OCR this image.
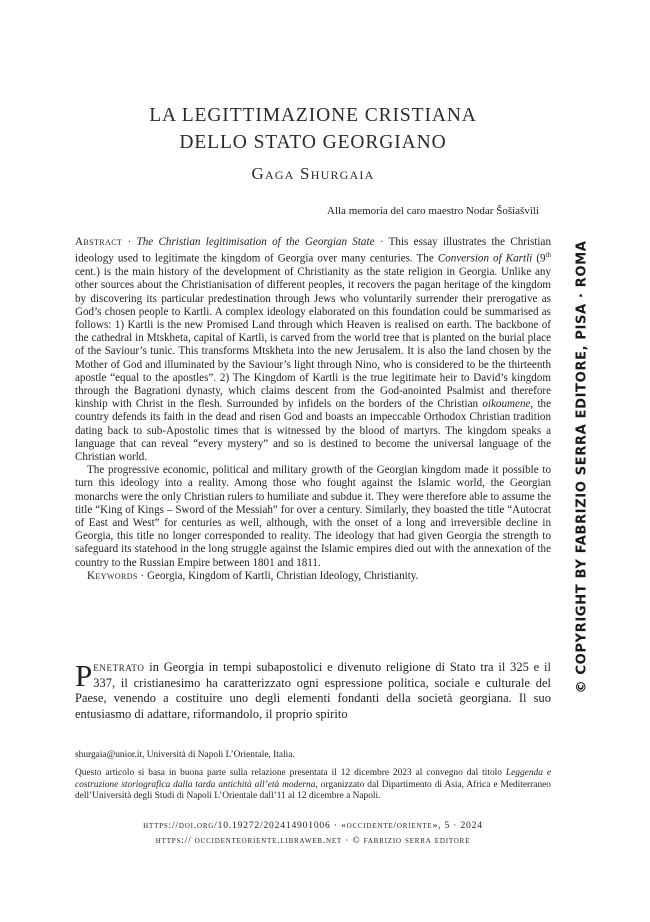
LA LEGITTIMAZIONE CRISTIANA
DELLO STATO GEORGIANO
Gaga Shurgaia
Alla memoria del caro maestro Nodar Šošiašvili

Abstract · The Christian legitimisation of the Georgian State · This essay illustrates the Christian ideology used to legitimate the kingdom of Georgia over many centuries. The Conversion of Kartli (9th cent.) is the main history of the development of Christianity as the state religion in Georgia. Unlike any other sources about the Christianisation of different peoples, it recovers the pagan heritage of the kingdom by discovering its particular predestination through Jews who voluntarily surrender their prerogative as God’s chosen people to Kartli. A complex ideology elaborated on this foundation could be summarised as follows: 1) Kartli is the new Promised Land through which Heaven is realised on earth. The backbone of the cathedral in Mtskheta, capital of Kartli, is carved from the world tree that is planted on the burial place of the Saviour’s tunic. This transforms Mtskheta into the new Jerusalem. It is also the land chosen by the Mother of God and illuminated by the Saviour’s light through Nino, who is considered to be the thirteenth apostle “equal to the apostles”. 2) The Kingdom of Kartli is the true legitimate heir to David’s kingdom through the Bagrationi dynasty, which claims descent from the God-anointed Psalmist and therefore kinship with Christ in the flesh. Surrounded by infidels on the borders of the Christian oikoumene, the country defends its faith in the dead and risen God and boasts an impeccable Orthodox Christian tradition dating back to sub-Apostolic times that is witnessed by the blood of martyrs. The kingdom speaks a language that can reveal “every mystery” and so is destined to become the universal language of the Christian world.

The progressive economic, political and military growth of the Georgian kingdom made it possible to turn this ideology into a reality. Among those who fought against the Islamic world, the Georgian monarchs were the only Christian rulers to humiliate and subdue it. They were therefore able to assume the title “King of Kings – Sword of the Messiah” for over a century. Similarly, they boasted the title “Autocrat of East and West” for centuries as well, although, with the onset of a long and irreversible decline in Georgia, this title no longer corresponded to reality. The ideology that had given Georgia the strength to safeguard its statehood in the long struggle against the Islamic empires died out with the annexation of the country to the Russian Empire between 1801 and 1811.

Keywords · Georgia, Kingdom of Kartli, Christian Ideology, Christianity.

Penetrato in Georgia in tempi subapostolici e divenuto religione di Stato tra il 325 e il 337, il cristianesimo ha caratterizzato ogni espressione politica, sociale e culturale del Paese, venendo a costituire uno degli elementi fondanti della società georgiana. Il suo entusiasmo di adattare, riformandolo, il proprio spirito

shurgaia@unior.it, Università di Napoli L’Orientale, Italia.

Questo articolo si basa in buona parte sulla relazione presentata il 12 dicembre 2023 al convegno dal titolo Leggenda e costruzione storiografica dalla tarda antichità all’età moderna, organizzato dal Dipartimento di Asia, Africa e Mediterraneo dell’Università degli Studi di Napoli L’Orientale dall’11 al 12 dicembre a Napoli.

https://doi.org/10.19272/202414901006 · «occidente/oriente», 5 · 2024
https:// occidenteoriente.libraweb.net · © fabrizio serra editore
© COPYRIGHT BY FABRIZIO SERRA EDITORE, PISA · ROMA
